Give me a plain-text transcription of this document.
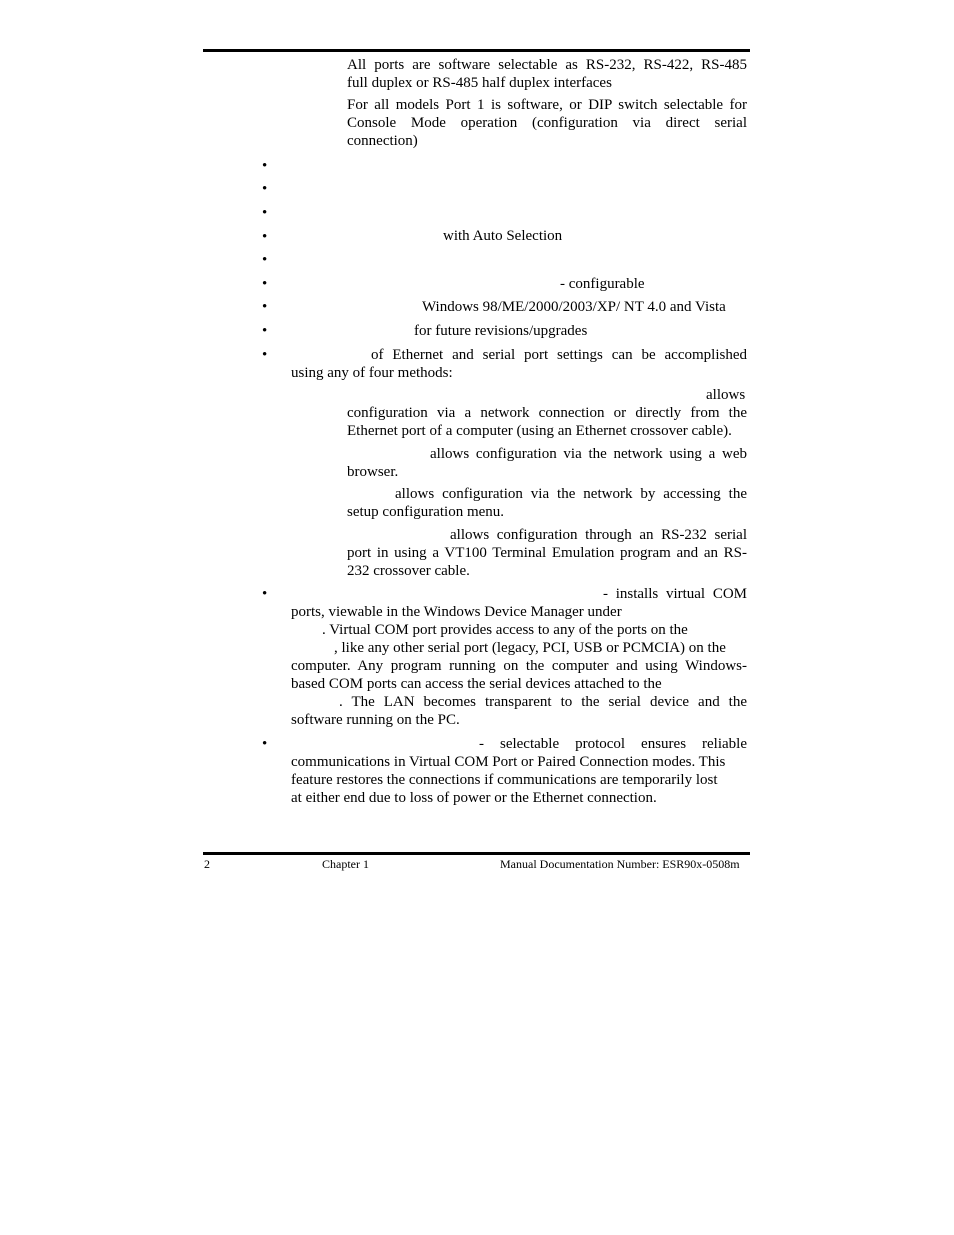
All ports are software selectable as RS-232, RS-422, RS-485

full duplex or RS-485 half duplex interfaces

For all models Port 1 is software, or DIP switch selectable for

Console Mode operation (configuration via direct serial

connection)

•
•
•
•	with Auto Selection

•
•	- configurable

•	Windows 98/ME/2000/2003/XP/ NT 4.0 and Vista

•	for future revisions/upgrades

•	of Ethernet and serial port settings can be accomplished

using any of four methods:

allows

configuration via a network connection or directly from the

Ethernet port of a computer (using an Ethernet crossover cable).

allows configuration via the network using a web

browser.

allows configuration via the network by accessing the

setup configuration menu.

allows configuration through an RS-232 serial

port in using a VT100 Terminal Emulation program and an RS-

232 crossover cable.

•	- installs virtual COM

ports, viewable in the Windows Device Manager under

. Virtual COM port provides access to any of the ports on the

, like any other serial port (legacy, PCI, USB or PCMCIA) on the

computer. Any program running on the computer and using Windows-

based COM ports can access the serial devices attached to the

. The LAN becomes transparent to the serial device and the

software running on the PC.

•	- selectable protocol ensures reliable

communications in Virtual COM Port or Paired Connection modes. This

feature restores the connections if communications are temporarily lost

at either end due to loss of power or the Ethernet connection.

2	Chapter 1	Manual Documentation Number: ESR90x-0508m
